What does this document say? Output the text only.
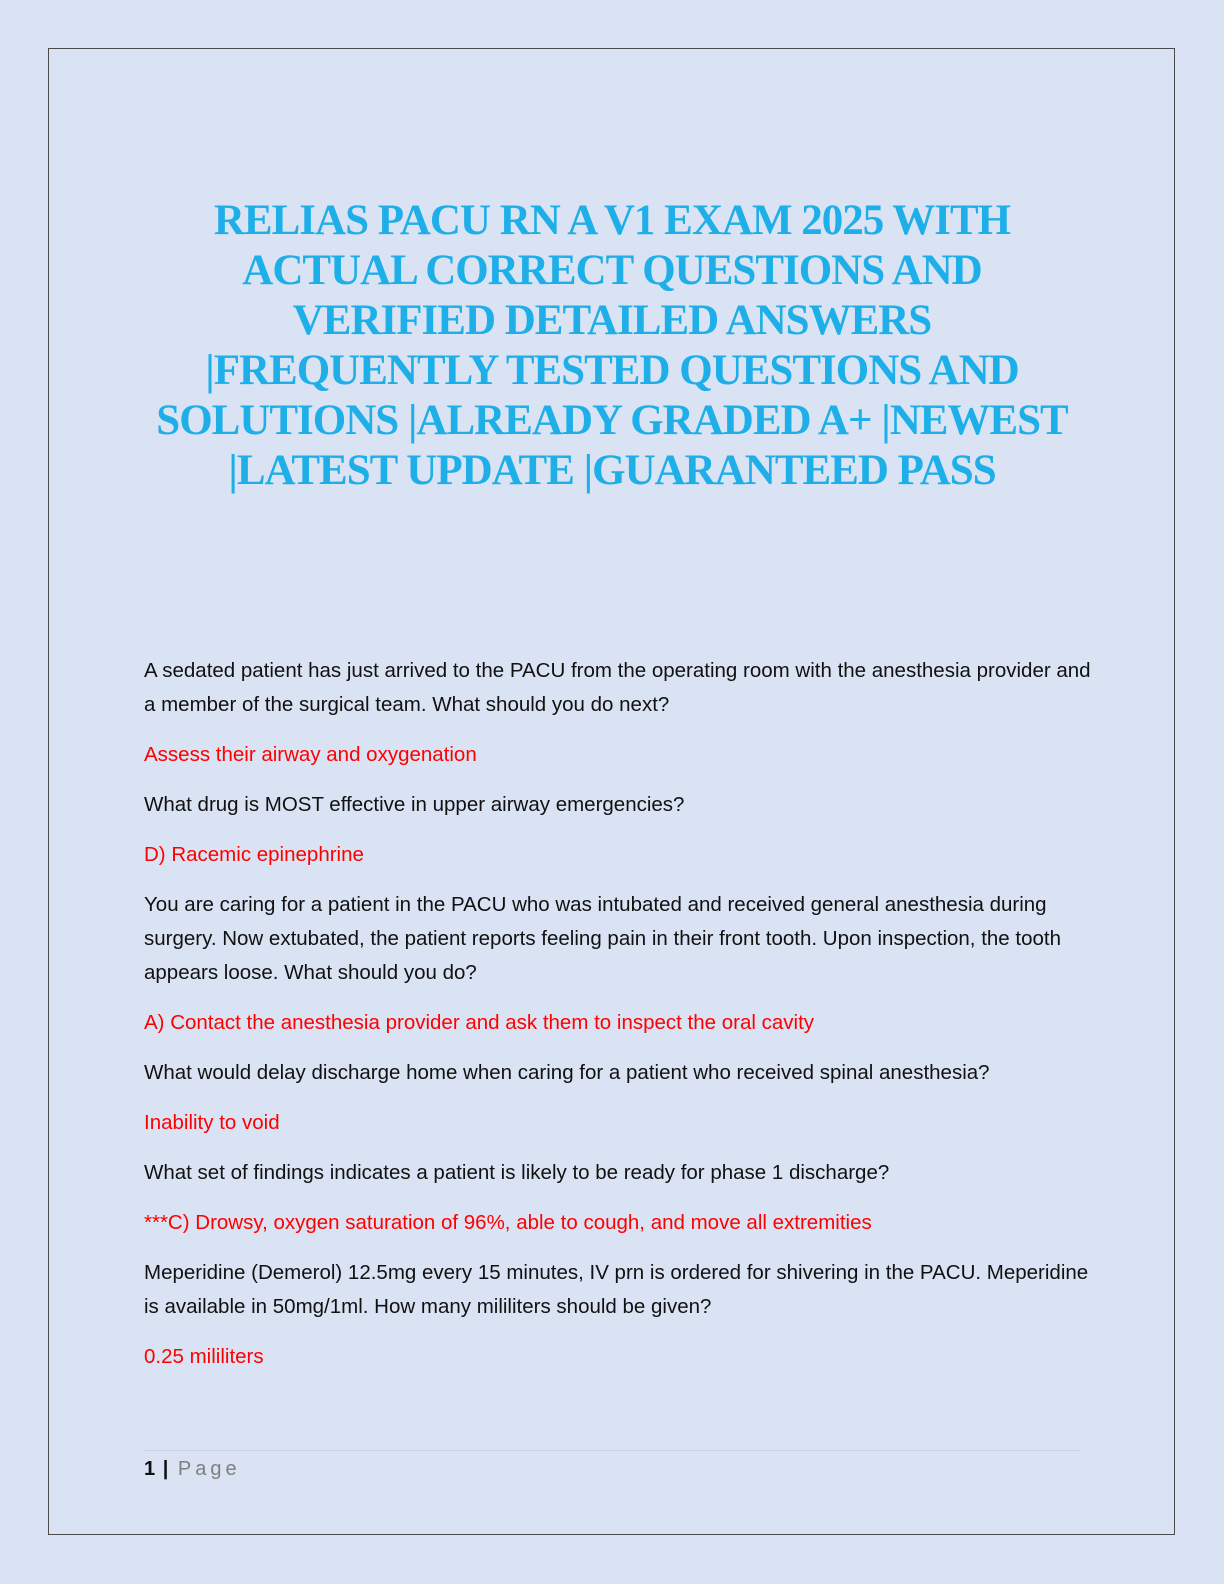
RELIAS PACU RN A V1 EXAM 2025 WITH
ACTUAL CORRECT QUESTIONS AND
VERIFIED DETAILED ANSWERS
|FREQUENTLY TESTED QUESTIONS AND
SOLUTIONS |ALREADY GRADED A+ |NEWEST
|LATEST UPDATE |GUARANTEED PASS

A sedated patient has just arrived to the PACU from the operating room with the anesthesia provider and a member of the surgical team. What should you do next?

Assess their airway and oxygenation

What drug is MOST effective in upper airway emergencies?

D) Racemic epinephrine

You are caring for a patient in the PACU who was intubated and received general anesthesia during surgery. Now extubated, the patient reports feeling pain in their front tooth. Upon inspection, the tooth appears loose. What should you do?

A) Contact the anesthesia provider and ask them to inspect the oral cavity

What would delay discharge home when caring for a patient who received spinal anesthesia?

Inability to void

What set of findings indicates a patient is likely to be ready for phase 1 discharge?

***C) Drowsy, oxygen saturation of 96%, able to cough, and move all extremities

Meperidine (Demerol) 12.5mg every 15 minutes, IV prn is ordered for shivering in the PACU. Meperidine is available in 50mg/1ml. How many mililiters should be given?

0.25 mililiters

1 | Page
